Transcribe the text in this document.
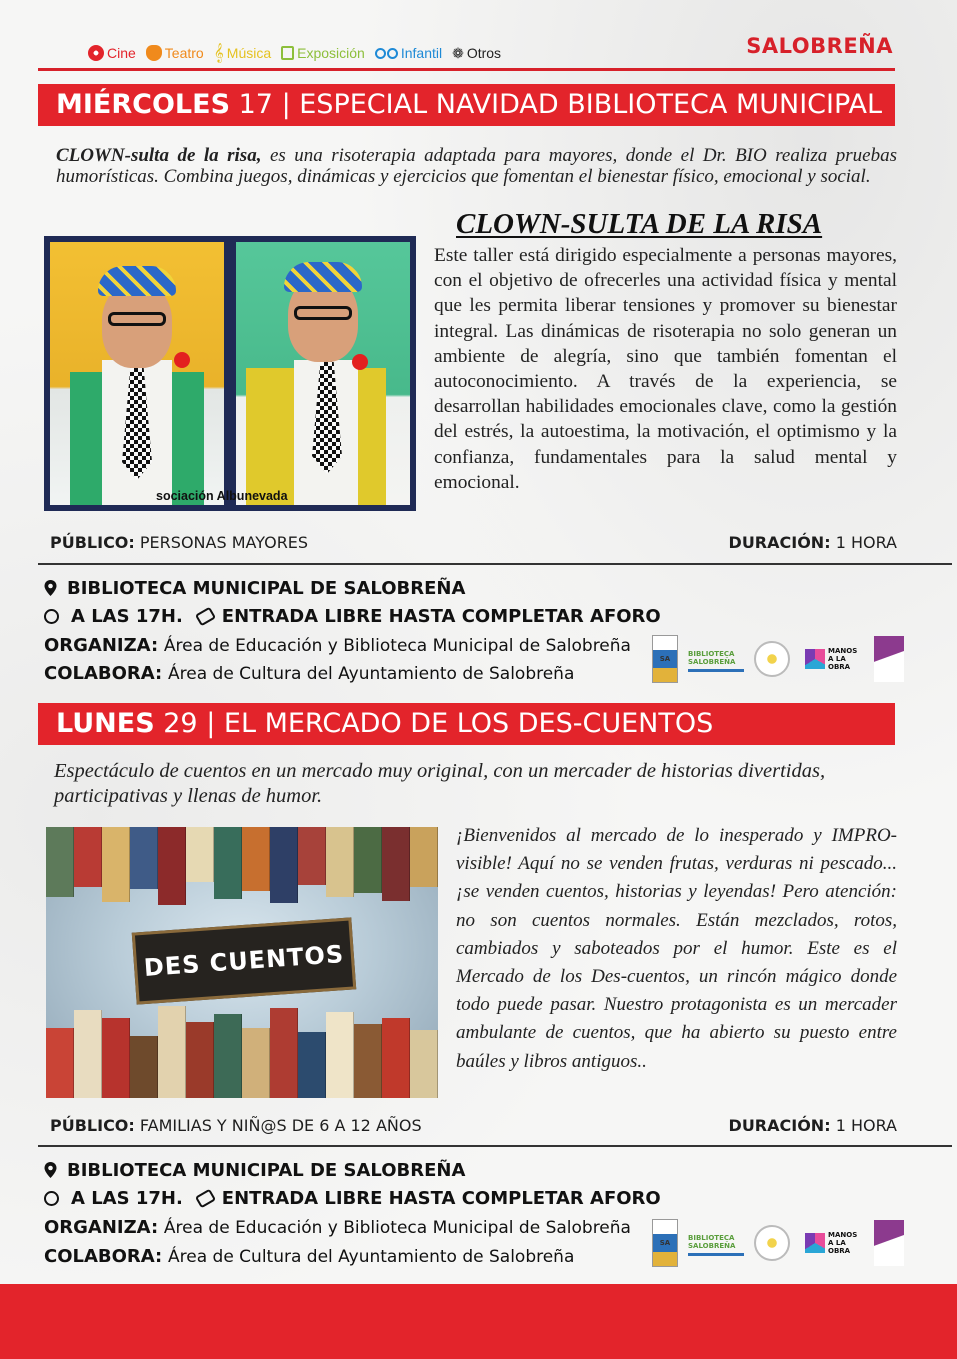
Cine Teatro 𝄞 Música Exposición	Infantil ❁ Otros	SALOBREÑA
MIÉRCOLES 17 | ESPECIAL NAVIDAD BIBLIOTECA MUNICIPAL
CLOWN-sulta de la risa, es una risoterapia adaptada para mayores, donde el Dr. BIO realiza pruebas humorísticas. Combina juegos, dinámicas y ejercicios que fomentan el bienestar físico, emocional y social.
CLOWN-SULTA DE LA RISA
sociación Albunevada
Este taller está dirigido especialmente a personas mayores, con el objetivo de ofrecerles una actividad física y mental que les permita liberar tensiones y promover su bienestar integral. Las dinámicas de risoterapia no solo generan un ambiente de alegría, sino que también fomentan el autoconocimiento. A través de la experiencia, se desarrollan habilidades emocionales clave, como la gestión del estrés, la autoestima, la motivación, el optimismo y la confianza, fundamentales para la salud mental y emocional.
PÚBLICO: PERSONAS MAYORES	DURACIÓN: 1 HORA
BIBLIOTECA MUNICIPAL DE SALOBREÑA
A LAS 17H. ENTRADA LIBRE HASTA COMPLETAR AFORO
ORGANIZA: Área de Educación y Biblioteca Municipal de Salobreña
COLABORA: Área de Cultura del Ayuntamiento de Salobreña
SA
BIBLIOTECA SALOBREÑA
MANOS A LA OBRA
LUNES 29 | EL MERCADO DE LOS DES-CUENTOS
Espectáculo de cuentos en un mercado muy original, con un mercader de historias divertidas, participativas y llenas de humor.
DES CUENTOS
¡Bienvenidos al mercado de lo inesperado y IMPRO-visible! Aquí no se venden frutas, verduras ni pescado... ¡se venden cuentos, historias y leyendas! Pero atención: no son cuentos normales. Están mezclados, rotos, cambiados y saboteados por el humor. Este es el Mercado de los Des-cuentos, un rincón mágico donde todo puede pasar. Nuestro protagonista es un mercader ambulante de cuentos, que ha abierto su puesto entre baúles y libros antiguos..
PÚBLICO: FAMILIAS Y NIÑ@S DE 6 A 12 AÑOS	DURACIÓN: 1 HORA
BIBLIOTECA MUNICIPAL DE SALOBREÑA
A LAS 17H. ENTRADA LIBRE HASTA COMPLETAR AFORO
ORGANIZA: Área de Educación y Biblioteca Municipal de Salobreña
COLABORA: Área de Cultura del Ayuntamiento de Salobreña
SA
BIBLIOTECA SALOBREÑA
MANOS A LA OBRA
